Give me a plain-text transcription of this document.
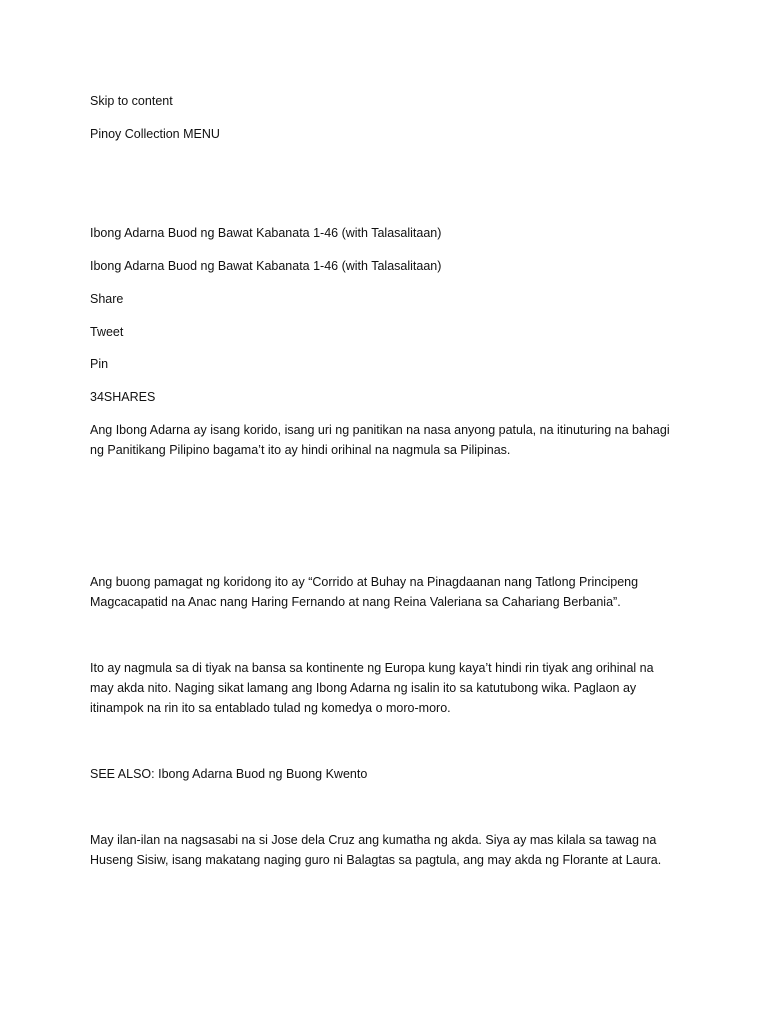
Skip to content
Pinoy Collection MENU

Ibong Adarna Buod ng Bawat Kabanata 1-46 (with Talasalitaan)

Ibong Adarna Buod ng Bawat Kabanata 1-46 (with Talasalitaan)

Share
Tweet
Pin

34SHARES

Ang Ibong Adarna ay isang korido, isang uri ng panitikan na nasa anyong patula, na itinuturing na bahagi
ng Panitikang Pilipino bagama’t ito ay hindi orihinal na nagmula sa Pilipinas.

Ang buong pamagat ng koridong ito ay “Corrido at Buhay na Pinagdaanan nang Tatlong Principeng
Magcacapatid na Anac nang Haring Fernando at nang Reina Valeriana sa Cahariang Berbania”.

Ito ay nagmula sa di tiyak na bansa sa kontinente ng Europa kung kaya’t hindi rin tiyak ang orihinal na
may akda nito. Naging sikat lamang ang Ibong Adarna ng isalin ito sa katutubong wika. Paglaon ay
itinampok na rin ito sa entablado tulad ng komedya o moro-moro.

SEE ALSO: Ibong Adarna Buod ng Buong Kwento

May ilan-ilan na nagsasabi na si Jose dela Cruz ang kumatha ng akda. Siya ay mas kilala sa tawag na
Huseng Sisiw, isang makatang naging guro ni Balagtas sa pagtula, ang may akda ng Florante at Laura.
